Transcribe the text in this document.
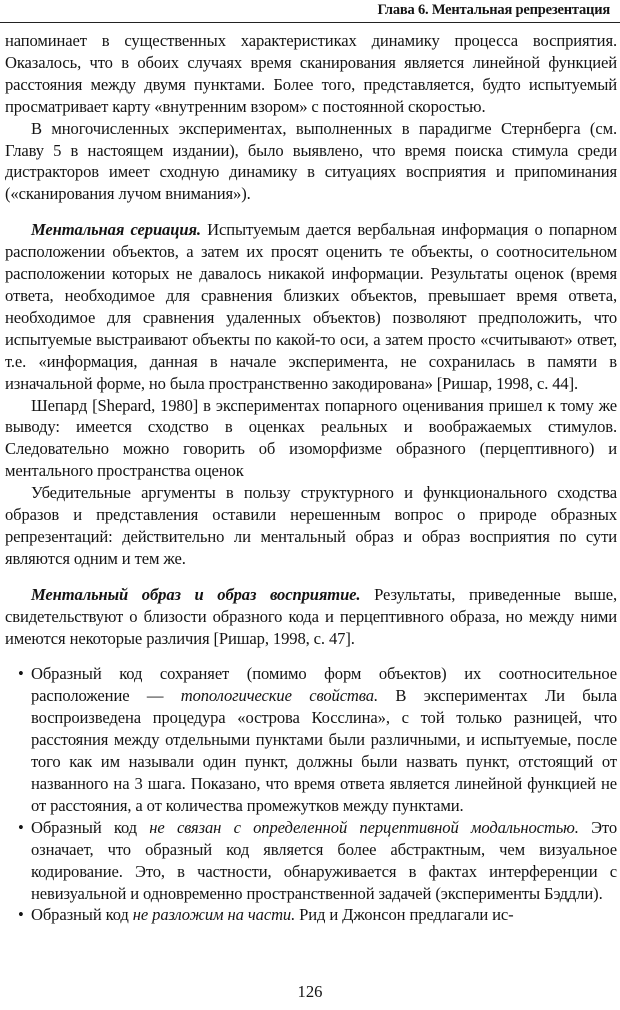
Глава 6. Ментальная репрезентация

напоминает в существенных характеристиках динамику процесса восприятия. Оказалось, что в обоих случаях время сканирования является линейной функцией расстояния между двумя пунктами. Более того, представляется, будто испытуемый просматривает карту «внутренним взором» с постоянной скоростью.

В многочисленных экспериментах, выполненных в парадигме Стернберга (см. Главу 5 в настоящем издании), было выявлено, что время поиска стимула среди дистракторов имеет сходную динамику в ситуациях восприятия и припоминания («сканирования лучом внимания»).

Ментальная сериация. Испытуемым дается вербальная информация о попарном расположении объектов, а затем их просят оценить те объекты, о соотносительном расположении которых не давалось никакой информации. Результаты оценок (время ответа, необходимое для сравнения близких объектов, превышает время ответа, необходимое для сравнения удаленных объектов) позволяют предположить, что испытуемые выстраивают объекты по какой-то оси, а затем просто «считывают» ответ, т.е. «информация, данная в начале эксперимента, не сохранилась в памяти в изначальной форме, но была пространственно закодирована» [Ришар, 1998, с. 44].

Шепард [Shepard, 1980] в экспериментах попарного оценивания пришел к тому же выводу: имеется сходство в оценках реальных и воображаемых стимулов. Следовательно можно говорить об изоморфизме образного (перцептивного) и ментального пространства оценок

Убедительные аргументы в пользу структурного и функционального сходства образов и представления оставили нерешенным вопрос о природе образных репрезентаций: действительно ли ментальный образ и образ восприятия по сути являются одним и тем же.

Ментальный образ и образ восприятие. Результаты, приведенные выше, свидетельствуют о близости образного кода и перцептивного образа, но между ними имеются некоторые различия [Ришар, 1998, с. 47].

• Образный код сохраняет (помимо форм объектов) их соотносительное расположение — топологические свойства. В экспериментах Ли была воспроизведена процедура «острова Косслина», с той только разницей, что расстояния между отдельными пунктами были различными, и испытуемые, после того как им называли один пункт, должны были назвать пункт, отстоящий от названного на 3 шага. Показано, что время ответа является линейной функцией не от расстояния, а от количества промежутков между пунктами.
• Образный код не связан с определенной перцептивной модальностью. Это означает, что образный код является более абстрактным, чем визуальное кодирование. Это, в частности, обнаруживается в фактах интерференции с невизуальной и одновременно пространственной задачей (эксперименты Бэддли).
• Образный код не разложим на части. Рид и Джонсон предлагали ис-
126
